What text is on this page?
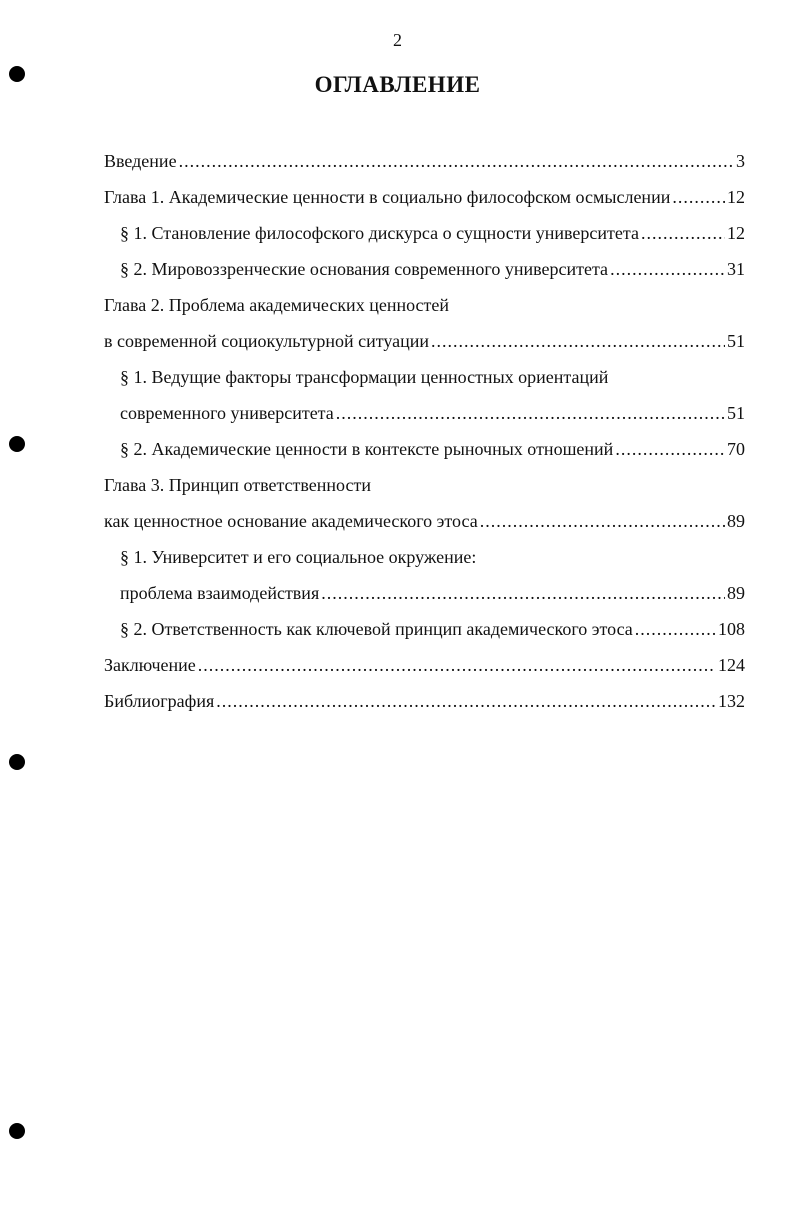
2
ОГЛАВЛЕНИЕ
Введение .....	3
Глава 1. Академические ценности в социально философском осмыслении .....	12
§ 1. Становление философского дискурса о сущности университета .....	12
§ 2. Мировоззренческие основания современного университета .....	31
Глава 2. Проблема академических ценностей
в современной социокультурной ситуации .....	51
§ 1. Ведущие факторы трансформации ценностных ориентаций
современного университета .....	51
§ 2. Академические ценности в контексте рыночных отношений .....	70
Глава 3. Принцип ответственности
как ценностное основание академического этоса .....	89
§ 1. Университет и его социальное окружение:
проблема взаимодействия .....	89
§ 2. Ответственность как ключевой принцип академического этоса .....	108
Заключение .....	124
Библиография .....	132
